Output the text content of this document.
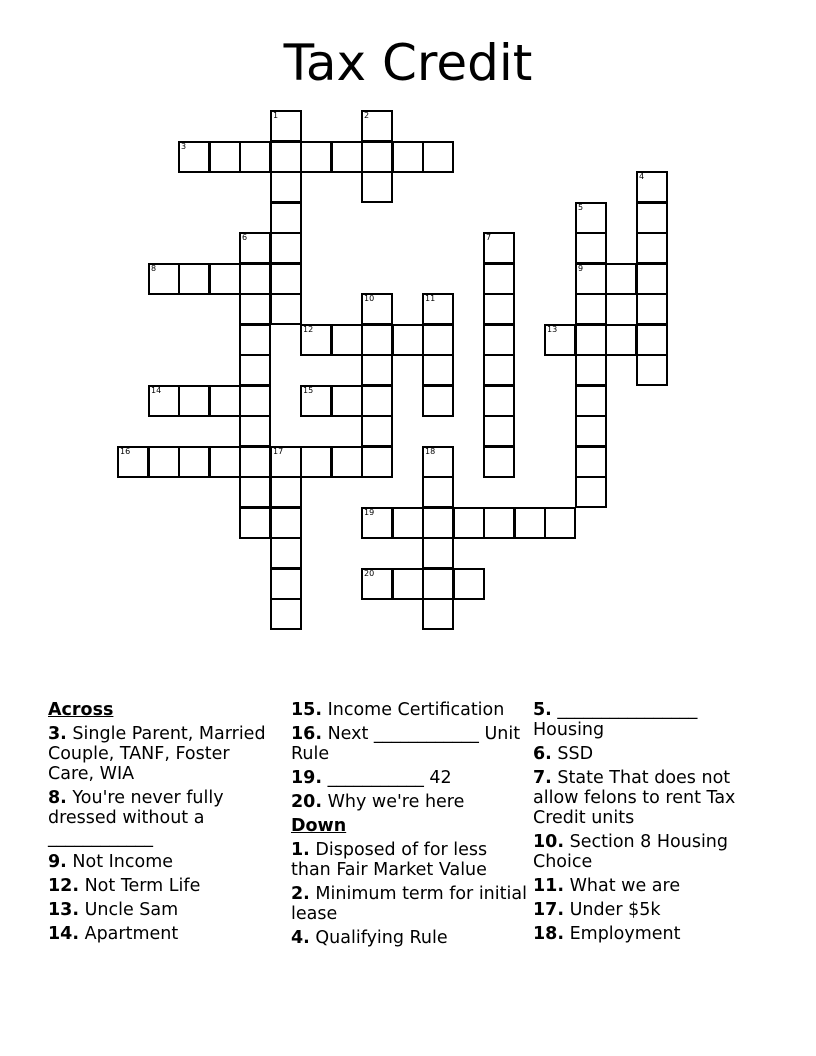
Tax Credit
1	2
3
4
5
6	7
8	9
10	11
12	13
14	15
16	17	18
19
20
Across
3. Single Parent, Married Couple, TANF, Foster Care, WIA
8. You're never fully dressed without a ____________
9. Not Income
12. Not Term Life
13. Uncle Sam
14. Apartment
15. Income Certification
16. Next ____________ Unit Rule
19. ___________ 42
20. Why we're here
Down
1. Disposed of for less than Fair Market Value
2. Minimum term for initial lease
4. Qualifying Rule
5. ________________ Housing
6. SSD
7. State That does not allow felons to rent Tax Credit units
10. Section 8 Housing Choice
11. What we are
17. Under $5k
18. Employment
